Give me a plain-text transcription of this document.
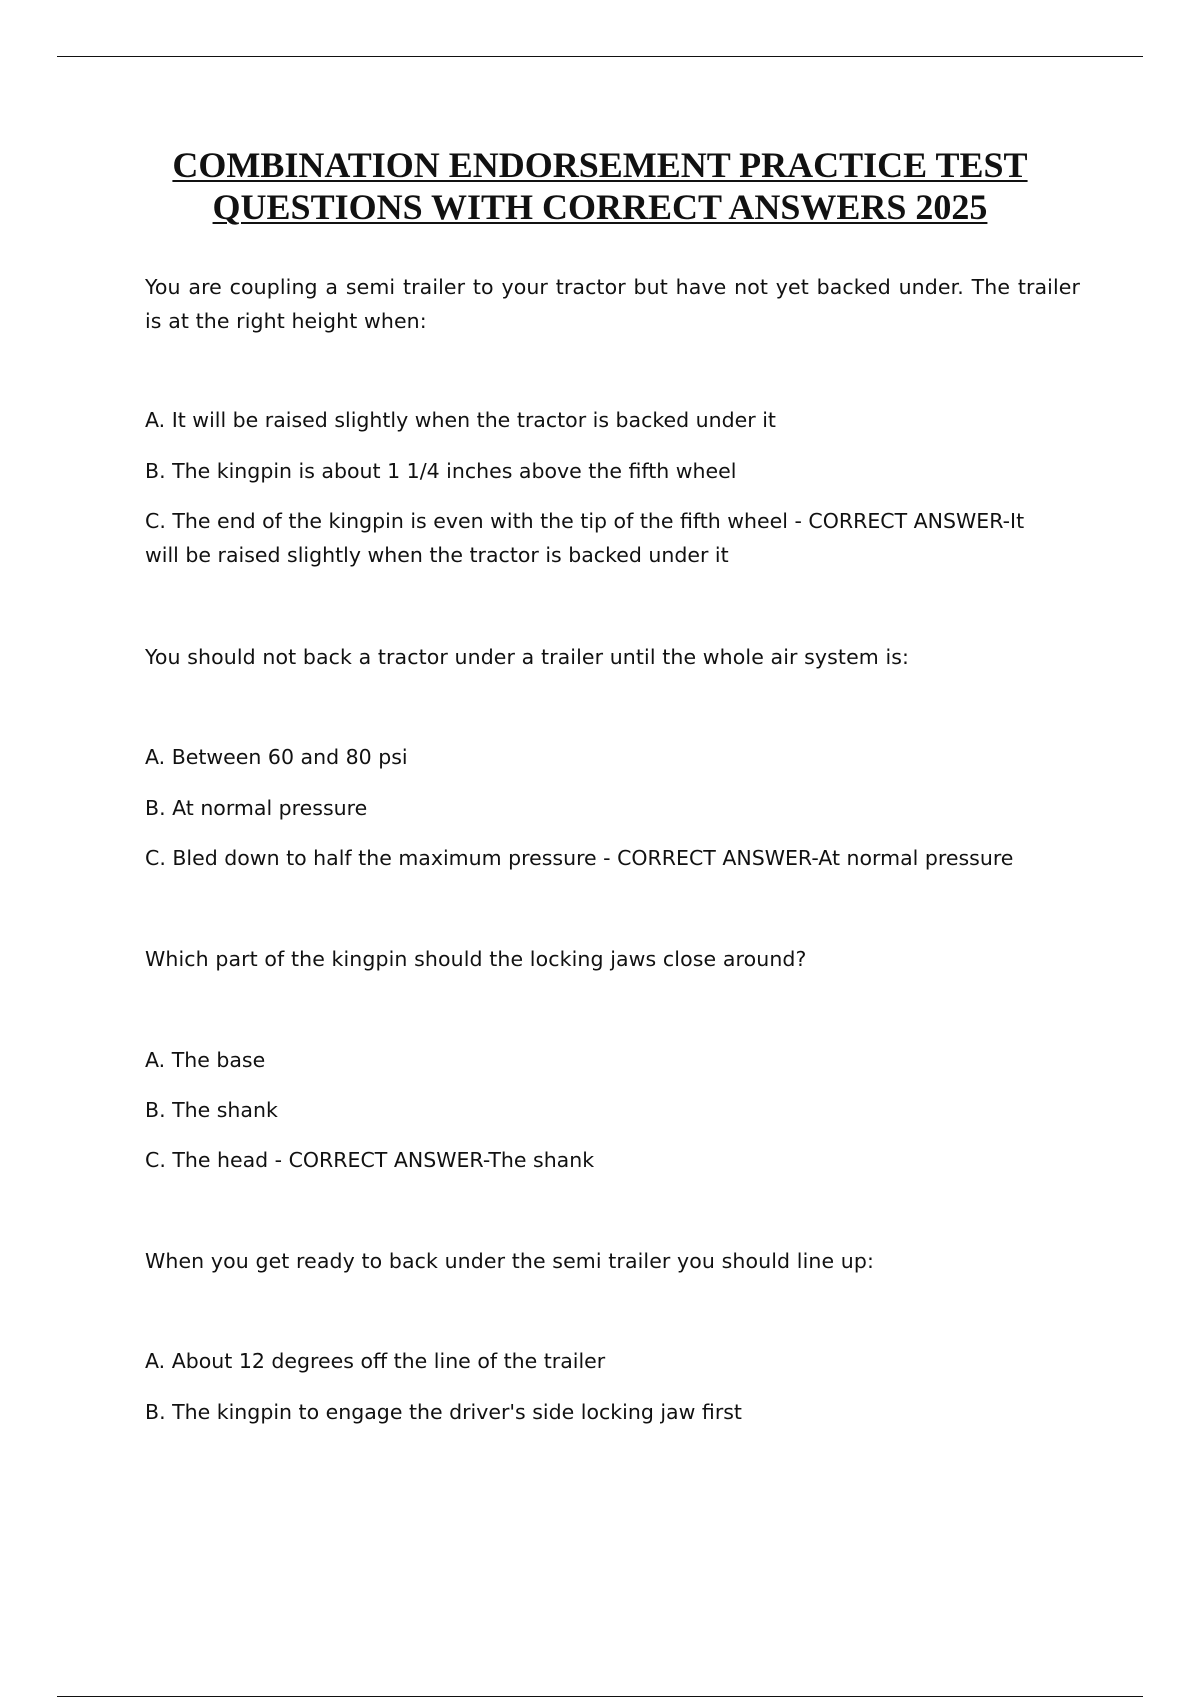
COMBINATION ENDORSEMENT PRACTICE TEST
QUESTIONS WITH CORRECT ANSWERS 2025

You are coupling a semi trailer to your tractor but have not yet backed under. The trailer is at the right height when:

A. It will be raised slightly when the tractor is backed under it

B. The kingpin is about 1 1/4 inches above the fifth wheel

C. The end of the kingpin is even with the tip of the fifth wheel - CORRECT ANSWER-It will be raised slightly when the tractor is backed under it

You should not back a tractor under a trailer until the whole air system is:

A. Between 60 and 80 psi

B. At normal pressure

C. Bled down to half the maximum pressure - CORRECT ANSWER-At normal pressure

Which part of the kingpin should the locking jaws close around?

A. The base

B. The shank

C. The head - CORRECT ANSWER-The shank

When you get ready to back under the semi trailer you should line up:

A. About 12 degrees off the line of the trailer

B. The kingpin to engage the driver's side locking jaw first
